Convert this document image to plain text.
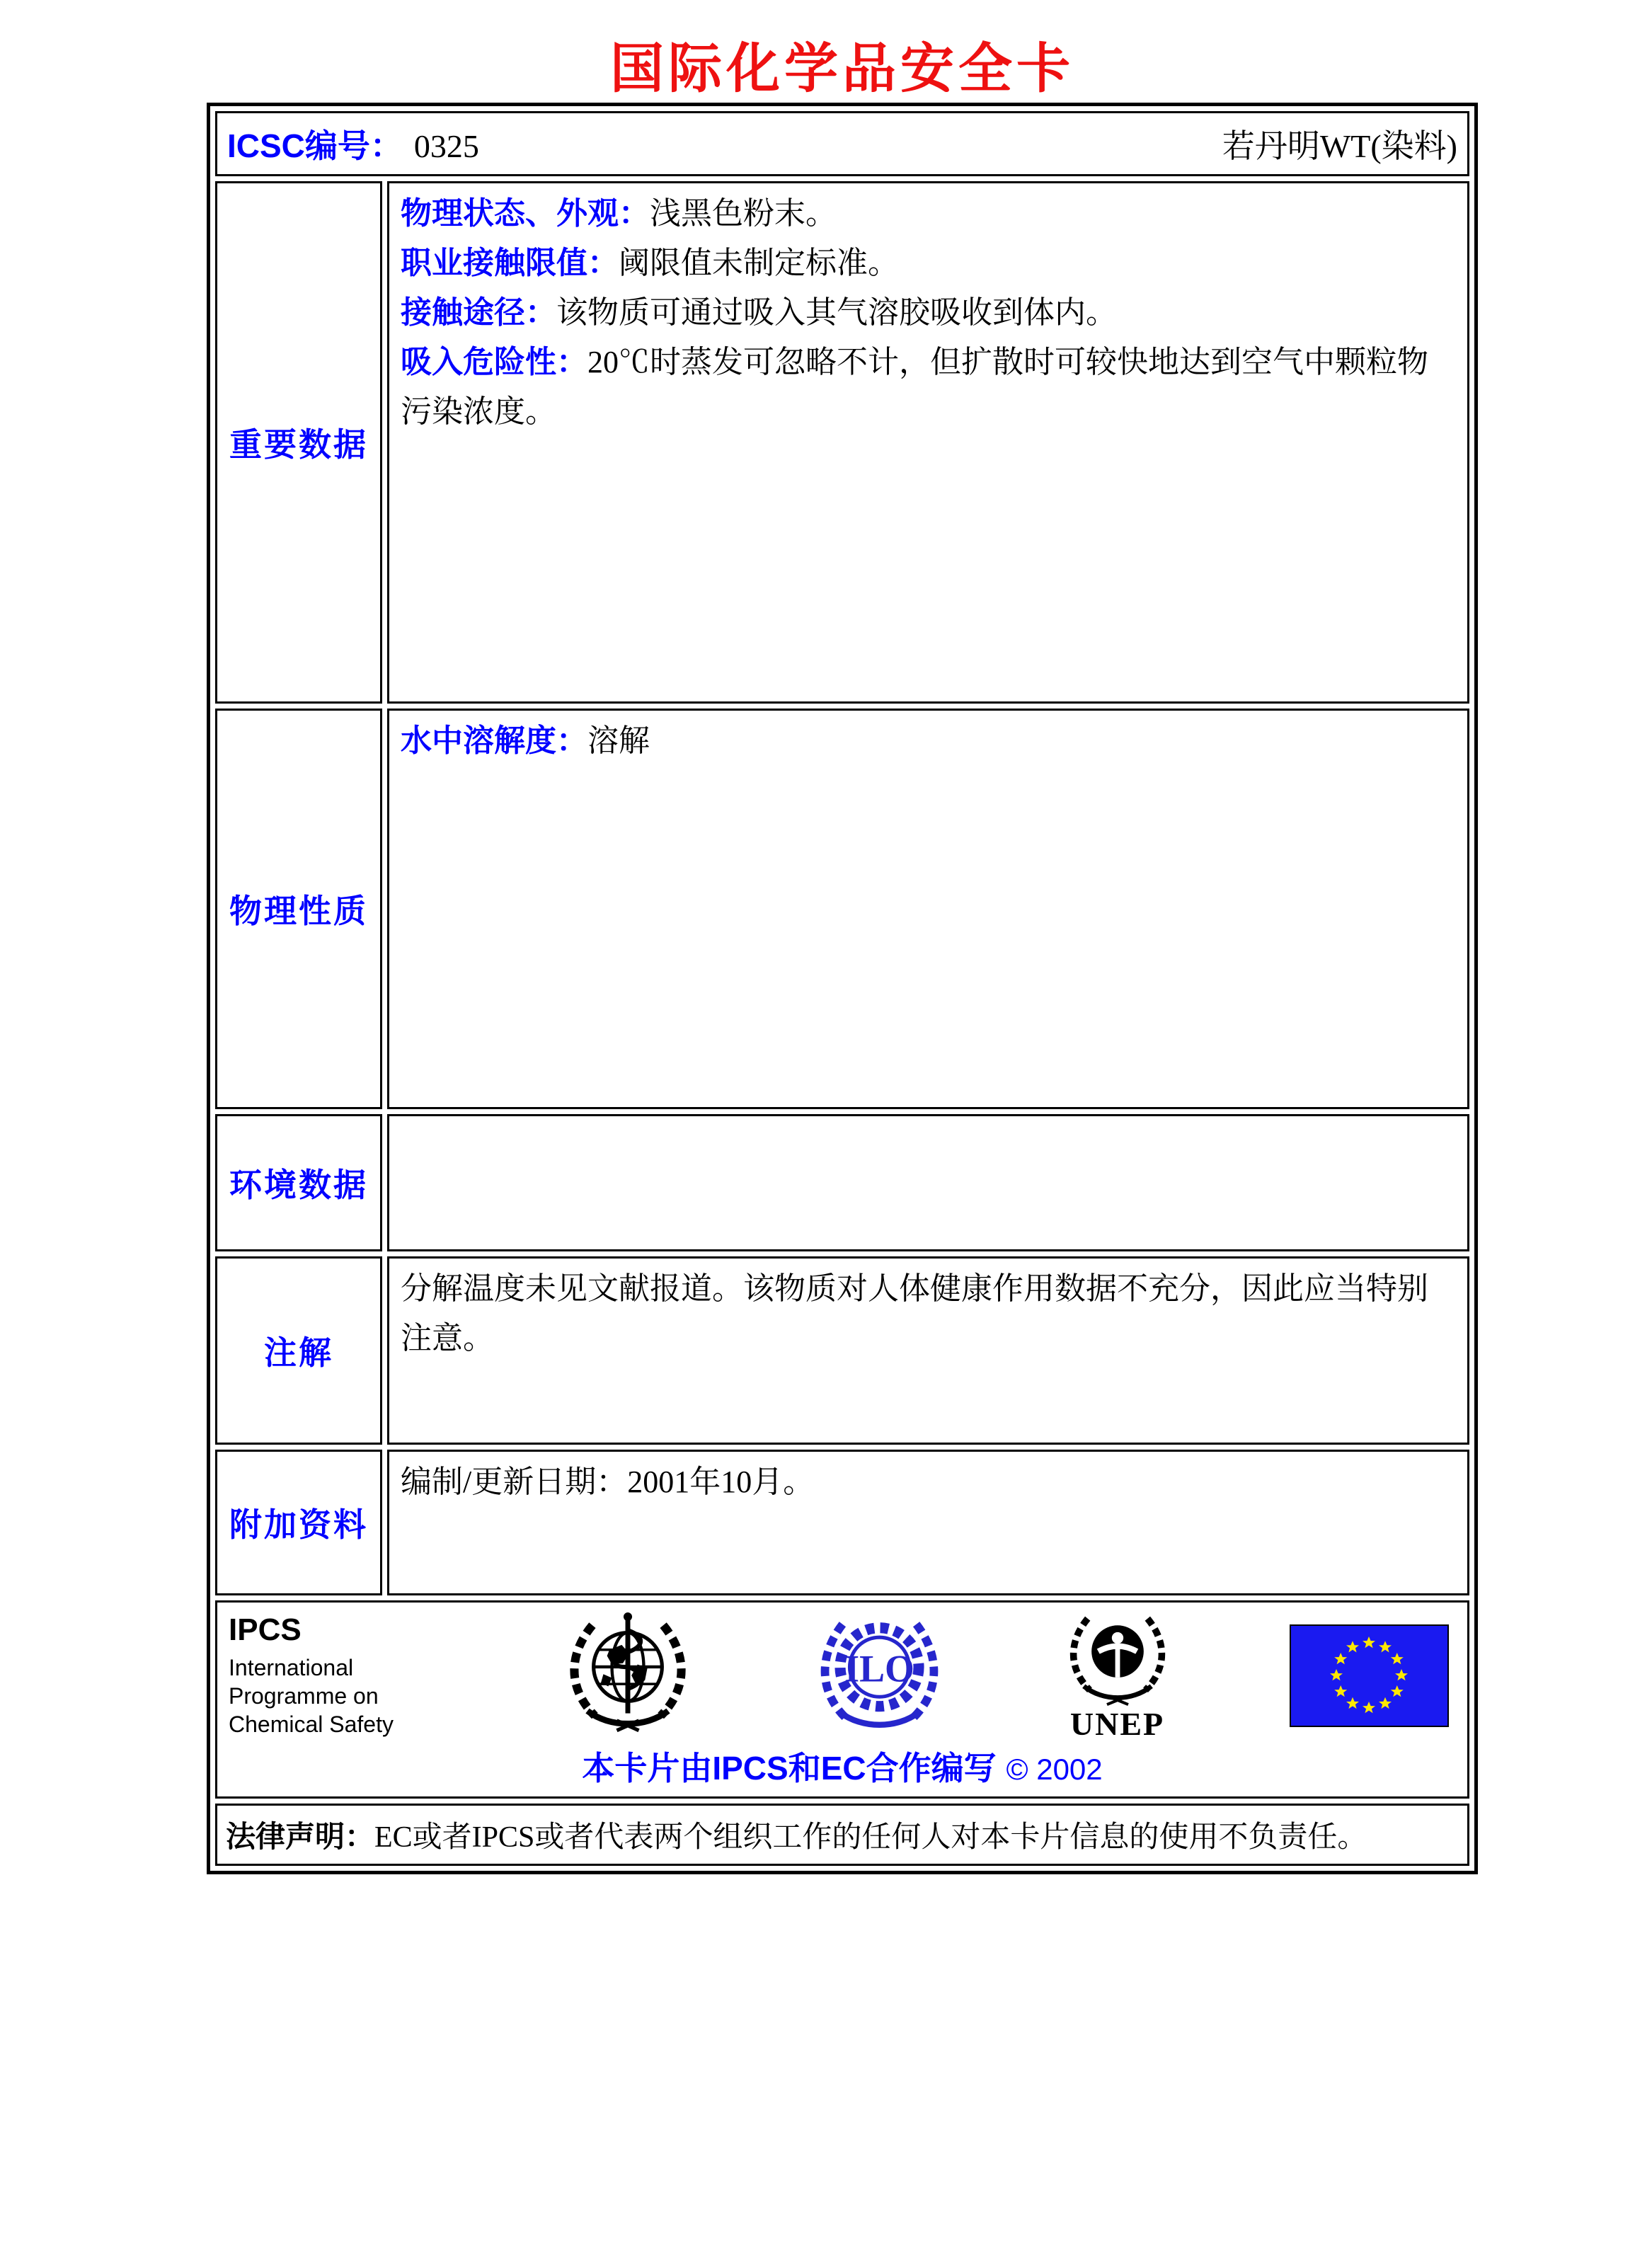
国际化学品安全卡
ICSC编号： 0325	若丹明WT(染料)
重要数据
物理状态、外观：浅黑色粉末。
职业接触限值：阈限值未制定标准。
接触途径：该物质可通过吸入其气溶胶吸收到体内。
吸入危险性：20℃时蒸发可忽略不计，但扩散时可较快地达到空气中颗粒物污染浓度。
物理性质
水中溶解度：溶解
环境数据
注解
分解温度未见文献报道。该物质对人体健康作用数据不充分，因此应当特别注意。
附加资料
编制/更新日期：2001年10月。
IPCS
International
Programme on
Chemical Safety
ILO
UNEP
本卡片由IPCS和EC合作编写 © 2002
法律声明： EC或者IPCS或者代表两个组织工作的任何人对本卡片信息的使用不负责任。
